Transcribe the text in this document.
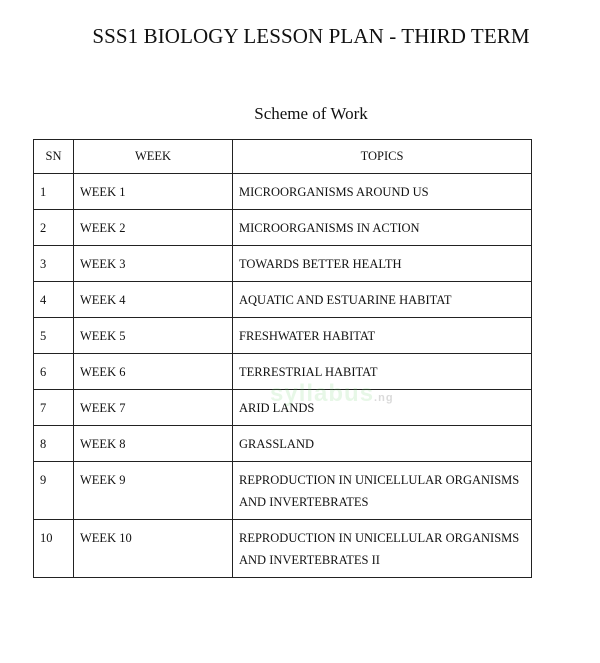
SSS1 BIOLOGY LESSON PLAN - THIRD TERM
Scheme of Work
SN	WEEK	TOPICS
1	WEEK 1	MICROORGANISMS AROUND US
2	WEEK 2	MICROORGANISMS IN ACTION
3	WEEK 3	TOWARDS BETTER HEALTH
4	WEEK 4	AQUATIC AND ESTUARINE HABITAT
5	WEEK 5	FRESHWATER HABITAT
6	WEEK 6	TERRESTRIAL HABITAT
7	WEEK 7	ARID LANDS
8	WEEK 8	GRASSLAND
9	WEEK 9	REPRODUCTION IN UNICELLULAR ORGANISMS AND INVERTEBRATES
10	WEEK 10	REPRODUCTION IN UNICELLULAR ORGANISMS AND INVERTEBRATES II
syllabus.ng
